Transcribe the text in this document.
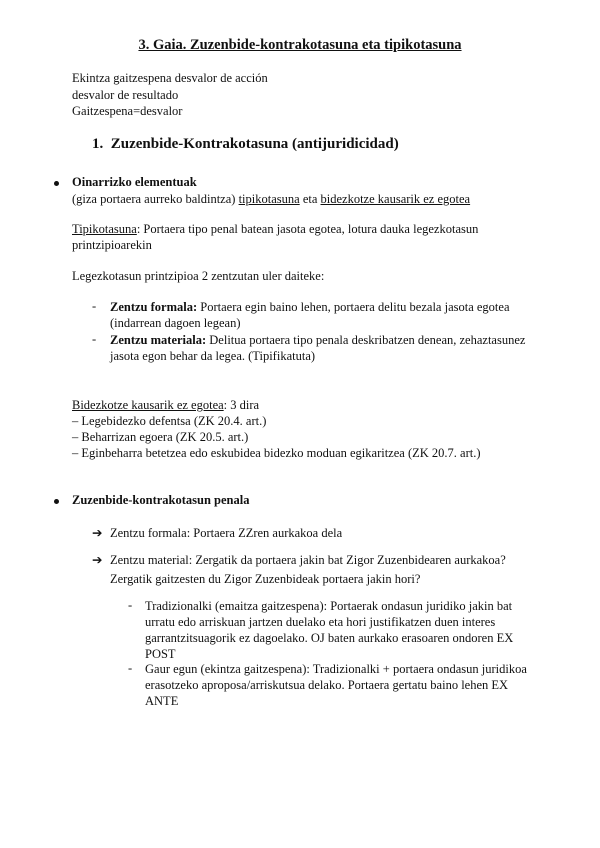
3. Gaia. Zuzenbide-kontrakotasuna eta tipikotasuna
Ekintza gaitzespena desvalor de acción
desvalor de resultado
Gaitzespena=desvalor
1. Zuzenbide-Kontrakotasuna (antijuridicidad)
Oinarrizko elementuak
(giza portaera aurreko baldintza) tipikotasuna eta bidezkotze kausarik ez egotea
Tipikotasuna: Portaera tipo penal batean jasota egotea, lotura dauka legezkotasun
printzipioarekin
Legezkotasun printzipioa 2 zentzutan uler daiteke:
- Zentzu formala: Portaera egin baino lehen, portaera delitu bezala jasota egotea
(indarrean dagoen legean)
- Zentzu materiala: Delitua portaera tipo penala deskribatzen denean, zehaztasunez
jasota egon behar da legea. (Tipifikatuta)
Bidezkotze kausarik ez egotea: 3 dira
– Legebidezko defentsa (ZK 20.4. art.)
– Beharrizan egoera (ZK 20.5. art.)
– Eginbeharra betetzea edo eskubidea bidezko moduan egikaritzea (ZK 20.7. art.)
Zuzenbide-kontrakotasun penala
➔ Zentzu formala: Portaera ZZren aurkakoa dela
➔ Zentzu material: Zergatik da portaera jakin bat Zigor Zuzenbidearen aurkakoa?
Zergatik gaitzesten du Zigor Zuzenbideak portaera jakin hori?
- Tradizionalki (emaitza gaitzespena): Portaerak ondasun juridiko jakin bat
urratu edo arriskuan jartzen duelako eta hori justifikatzen duen interes
garrantzitsuagorik ez dagoelako. OJ baten aurkako erasoaren ondoren EX
POST
- Gaur egun (ekintza gaitzespena): Tradizionalki + portaera ondasun juridikoa
erasotzeko aproposa/arriskutsua delako. Portaera gertatu baino lehen EX
ANTE
